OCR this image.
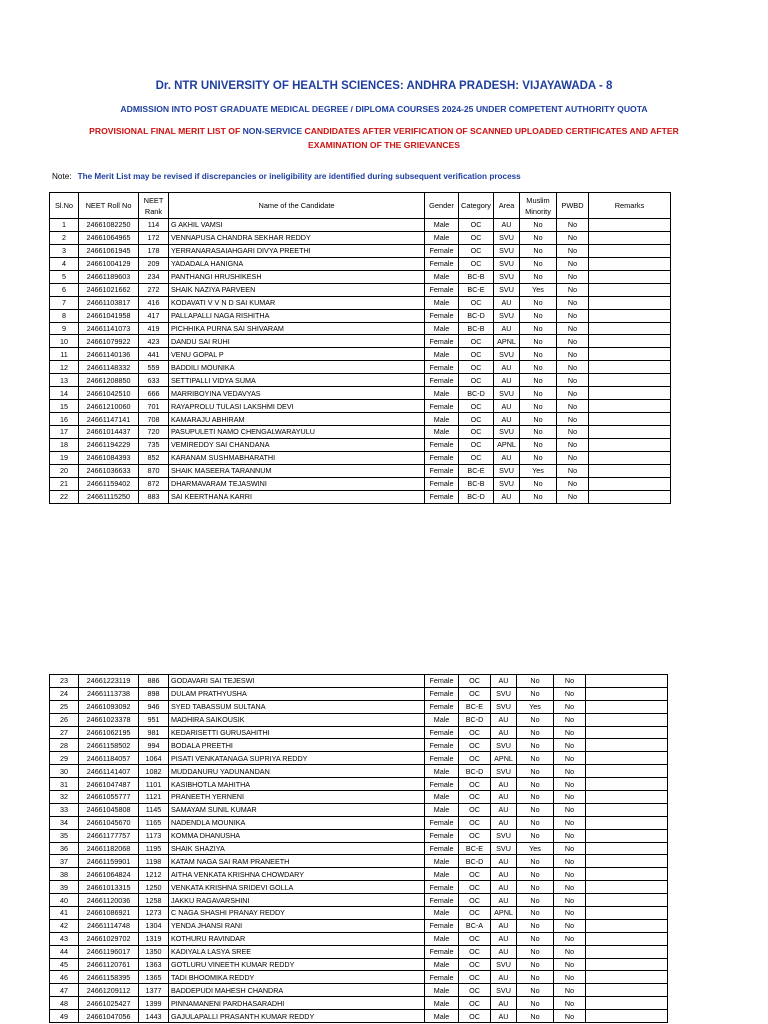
Dr. NTR UNIVERSITY OF HEALTH SCIENCES: ANDHRA PRADESH: VIJAYAWADA - 8
ADMISSION INTO POST GRADUATE MEDICAL DEGREE / DIPLOMA COURSES 2024-25 UNDER COMPETENT AUTHORITY QUOTA
PROVISIONAL FINAL MERIT LIST OF NON-SERVICE CANDIDATES AFTER VERIFICATION OF SCANNED UPLOADED CERTIFICATES AND AFTER
EXAMINATION OF THE GRIEVANCES
Note: The Merit List may be revised if discrepancies or ineligibility are identified during subsequent verification process
Sl.No	NEET Roll No	NEET Rank	Name of the Candidate	Gender	Category	Area	Muslim Minority	PWBD	Remarks
1	24661082250	114	G AKHIL VAMSI	Male	OC	AU	No	No	
2	24661064965	172	VENNAPUSA CHANDRA SEKHAR REDDY	Male	OC	SVU	No	No	
3	24661061945	178	YERRANARASAIAHGARI DIVYA PREETHI	Female	OC	SVU	No	No	
4	24661004129	209	YADADALA HANIGNA	Female	OC	SVU	No	No	
5	24661189603	234	PANTHANGI HRUSHIKESH	Male	BC-B	SVU	No	No	
6	24661021662	272	SHAIK NAZIYA PARVEEN	Female	BC-E	SVU	Yes	No	
7	24661103817	416	KODAVATI V V N D SAI KUMAR	Male	OC	AU	No	No	
8	24661041958	417	PALLAPALLI NAGA RISHITHA	Female	BC-D	SVU	No	No	
9	24661141073	419	PICHHIKA PURNA SAI SHIVARAM	Male	BC-B	AU	No	No	
10	24661079922	423	DANDU SAI RUHI	Female	OC	APNL	No	No	
11	24661140136	441	VENU GOPAL P	Male	OC	SVU	No	No	
12	24661148332	559	BADDILI MOUNIKA	Female	OC	AU	No	No	
13	24661208850	633	SETTIPALLI VIDYA SUMA	Female	OC	AU	No	No	
14	24661042510	666	MARRIBOYINA VEDAVYAS	Male	BC-D	SVU	No	No	
15	24661210060	701	RAYAPROLU TULASI LAKSHMI DEVI	Female	OC	AU	No	No	
16	24661147141	708	KAMARAJU ABHIRAM	Male	OC	AU	No	No	
17	24661014437	720	PASUPULETI NAMO CHENGALWARAYULU	Male	OC	SVU	No	No	
18	24661194229	735	VEMIREDDY SAI CHANDANA	Female	OC	APNL	No	No	
19	24661084393	852	KARANAM SUSHMABHARATHI	Female	OC	AU	No	No	
20	24661036633	870	SHAIK MASEERA TARANNUM	Female	BC-E	SVU	Yes	No	
21	24661159402	872	DHARMAVARAM TEJASWINI	Female	BC-B	SVU	No	No	
22	24661115250	883	SAI KEERTHANA KARRI	Female	BC-D	AU	No	No	
23	24661223119	886	GODAVARI SAI TEJESWI	Female	OC	AU	No	No	
24	24661113738	898	DULAM PRATHYUSHA	Female	OC	SVU	No	No	
25	24661093092	946	SYED TABASSUM SULTANA	Female	BC-E	SVU	Yes	No	
26	24661023378	951	MADHIRA SAIKOUSIK	Male	BC-D	AU	No	No	
27	24661062195	981	KEDARISETTI GURUSAHITHI	Female	OC	AU	No	No	
28	24661158502	994	BODALA PREETHI	Female	OC	SVU	No	No	
29	24661184057	1064	PISATI VENKATANAGA SUPRIYA REDDY	Female	OC	APNL	No	No	
30	24661141407	1082	MUDDANURU YADUNANDAN	Male	BC-D	SVU	No	No	
31	24661047487	1101	KASIBHOTLA MAHITHA	Female	OC	AU	No	No	
32	24661055777	1121	PRANEETH YERNENI	Male	OC	AU	No	No	
33	24661045808	1145	SAMAYAM SUNIL KUMAR	Male	OC	AU	No	No	
34	24661045670	1165	NADENDLA MOUNIKA	Female	OC	AU	No	No	
35	24661177757	1173	KOMMA DHANUSHA	Female	OC	SVU	No	No	
36	24661182068	1195	SHAIK SHAZIYA	Female	BC-E	SVU	Yes	No	
37	24661159901	1198	KATAM NAGA SAI RAM PRANEETH	Male	BC-D	AU	No	No	
38	24661064824	1212	AITHA VENKATA KRISHNA CHOWDARY	Male	OC	AU	No	No	
39	24661013315	1250	VENKATA KRISHNA SRIDEVI GOLLA	Female	OC	AU	No	No	
40	24661120036	1258	JAKKU RAGAVARSHINI	Female	OC	AU	No	No	
41	24661086921	1273	C NAGA SHASHI PRANAY REDDY	Male	OC	APNL	No	No	
42	24661114748	1304	YENDA JHANSI RANI	Female	BC-A	AU	No	No	
43	24661029702	1319	KOTHURU RAVINDAR	Male	OC	AU	No	No	
44	24661196017	1350	KADIYALA LASYA SREE	Female	OC	AU	No	No	
45	24661120761	1363	GOTLURU VINEETH KUMAR REDDY	Male	OC	SVU	No	No	
46	24661158395	1365	TADI BHOOMIKA REDDY	Female	OC	AU	No	No	
47	24661209112	1377	BADDEPUDI MAHESH CHANDRA	Male	OC	SVU	No	No	
48	24661025427	1399	PINNAMANENI PARDHASARADHI	Male	OC	AU	No	No	
49	24661047056	1443	GAJULAPALLI PRASANTH KUMAR REDDY	Male	OC	AU	No	No	
